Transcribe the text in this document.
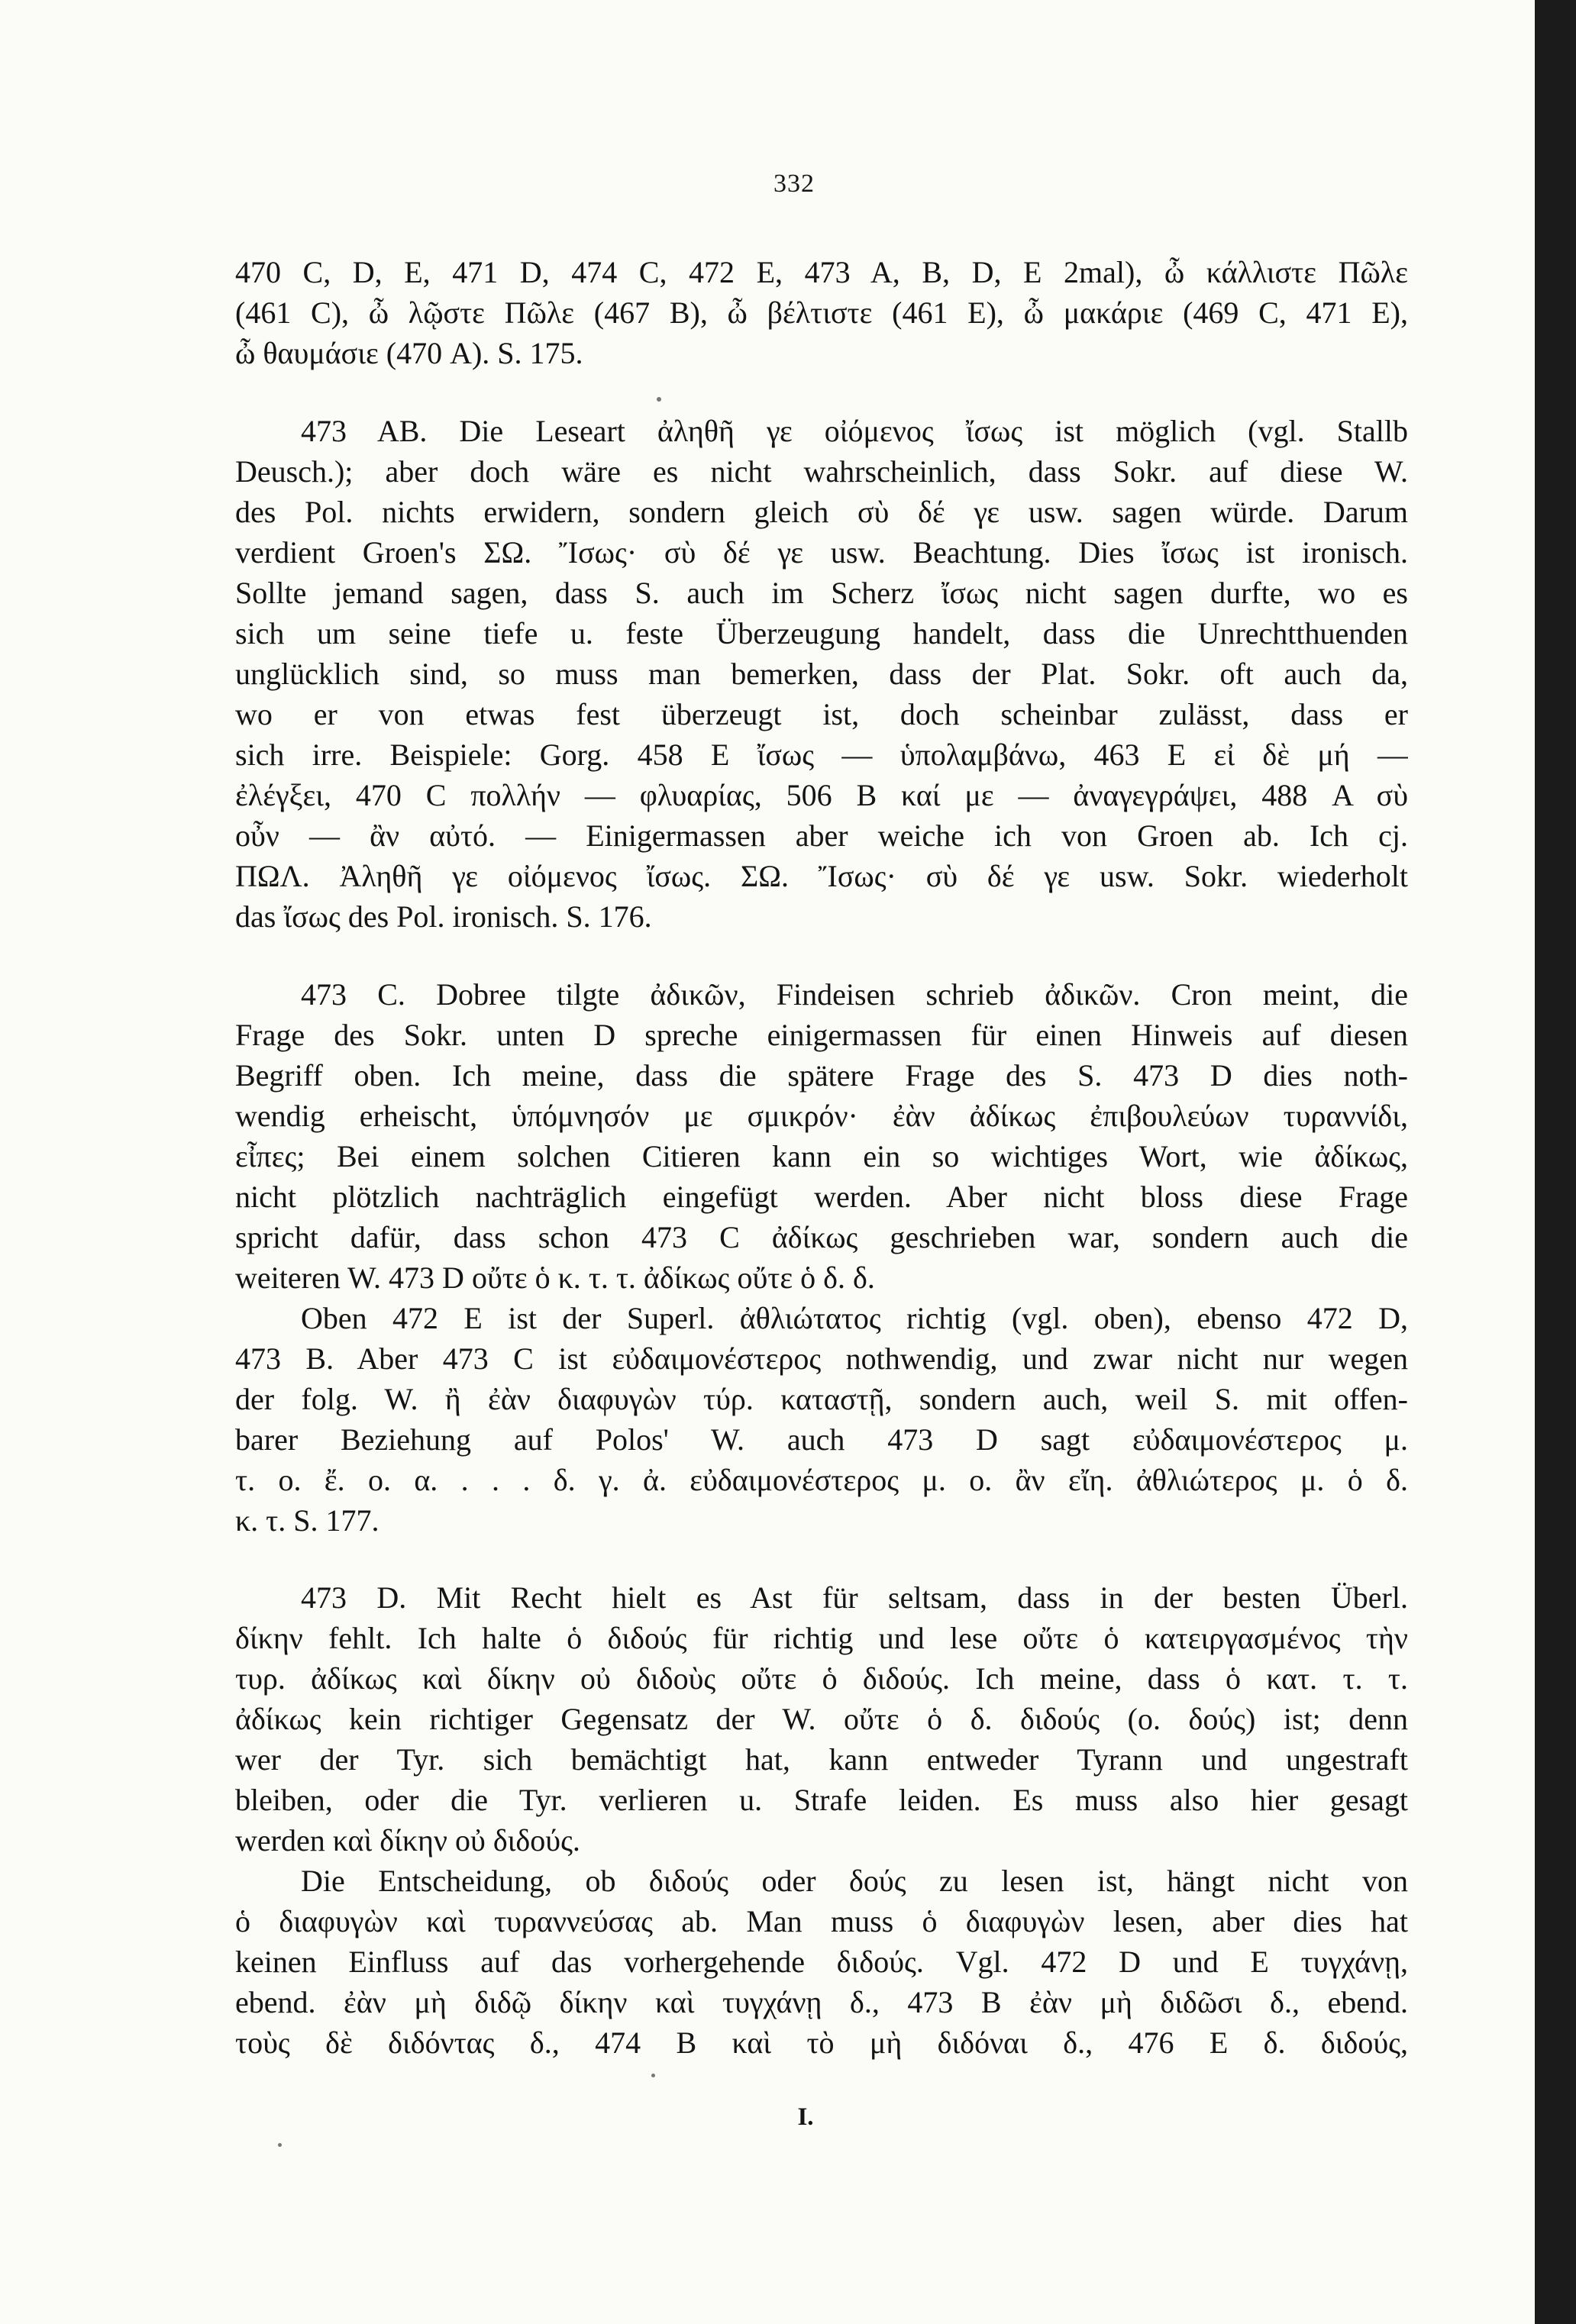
332
470 C, D, E, 471 D, 474 C, 472 E, 473 A, B, D, E 2mal), ὦ κάλλιστε Πῶλε
(461 C), ὦ λῷστε Πῶλε (467 B), ὦ βέλτιστε (461 E), ὦ μακάριε (469 C, 471 E),
ὦ θαυμάσιε (470 A). S. 175.
473 AB. Die Leseart ἀληθῆ γε οἰόμενος ἴσως ist möglich (vgl. Stallb
Deusch.); aber doch wäre es nicht wahrscheinlich, dass Sokr. auf diese W.
des Pol. nichts erwidern, sondern gleich σὺ δέ γε usw. sagen würde. Darum
verdient Groen's ΣΩ. Ἴσως· σὺ δέ γε usw. Beachtung. Dies ἴσως ist ironisch.
Sollte jemand sagen, dass S. auch im Scherz ἴσως nicht sagen durfte, wo es
sich um seine tiefe u. feste Überzeugung handelt, dass die Unrechtthuenden
unglücklich sind, so muss man bemerken, dass der Plat. Sokr. oft auch da,
wo er von etwas fest überzeugt ist, doch scheinbar zulässt, dass er
sich irre. Beispiele: Gorg. 458 E ἴσως — ὑπολαμβάνω, 463 E εἰ δὲ μή —
ἐλέγξει, 470 C πολλήν — φλυαρίας, 506 B καί με — ἀναγεγράψει, 488 A σὺ
οὖν — ἂν αὐτό. — Einigermassen aber weiche ich von Groen ab. Ich cj.
ΠΩΛ. Ἀληθῆ γε οἰόμενος ἴσως. ΣΩ. Ἴσως· σὺ δέ γε usw. Sokr. wiederholt
das ἴσως des Pol. ironisch. S. 176.
473 C. Dobree tilgte ἀδικῶν, Findeisen schrieb ἀδικῶν. Cron meint, die
Frage des Sokr. unten D spreche einigermassen für einen Hinweis auf diesen
Begriff oben. Ich meine, dass die spätere Frage des S. 473 D dies noth-
wendig erheischt, ὑπόμνησόν με σμικρόν· ἐὰν ἀδίκως ἐπιβουλεύων τυραννίδι,
εἶπες; Bei einem solchen Citieren kann ein so wichtiges Wort, wie ἀδίκως,
nicht plötzlich nachträglich eingefügt werden. Aber nicht bloss diese Frage
spricht dafür, dass schon 473 C ἀδίκως geschrieben war, sondern auch die
weiteren W. 473 D οὔτε ὁ κ. τ. τ. ἀδίκως οὔτε ὁ δ. δ.
Oben 472 E ist der Superl. ἀθλιώτατος richtig (vgl. oben), ebenso 472 D,
473 B. Aber 473 C ist εὐδαιμονέστερος nothwendig, und zwar nicht nur wegen
der folg. W. ἢ ἐὰν διαφυγὼν τύρ. καταστῇ, sondern auch, weil S. mit offen-
barer Beziehung auf Polos' W. auch 473 D sagt εὐδαιμονέστερος μ.
τ. ο. ἔ. ο. α. . . . δ. γ. ἀ. εὐδαιμονέστερος μ. ο. ἂν εἴη. ἀθλιώτερος μ. ὁ δ.
κ. τ. S. 177.
473 D. Mit Recht hielt es Ast für seltsam, dass in der besten Überl.
δίκην fehlt. Ich halte ὁ διδούς für richtig und lese οὔτε ὁ κατειργασμένος τὴν
τυρ. ἀδίκως καὶ δίκην οὐ διδοὺς οὔτε ὁ διδούς. Ich meine, dass ὁ κατ. τ. τ.
ἀδίκως kein richtiger Gegensatz der W. οὔτε ὁ δ. διδούς (o. δούς) ist; denn
wer der Tyr. sich bemächtigt hat, kann entweder Tyrann und ungestraft
bleiben, oder die Tyr. verlieren u. Strafe leiden. Es muss also hier gesagt
werden καὶ δίκην οὐ διδούς.
Die Entscheidung, ob διδούς oder δούς zu lesen ist, hängt nicht von
ὁ διαφυγὼν καὶ τυραννεύσας ab. Man muss ὁ διαφυγὼν lesen, aber dies hat
keinen Einfluss auf das vorhergehende διδούς. Vgl. 472 D und E τυγχάνῃ,
ebend. ἐὰν μὴ διδῷ δίκην καὶ τυγχάνῃ δ., 473 B ἐὰν μὴ διδῶσι δ., ebend.
τοὺς δὲ διδόντας δ., 474 B καὶ τὸ μὴ διδόναι δ., 476 E δ. διδούς,
I.
